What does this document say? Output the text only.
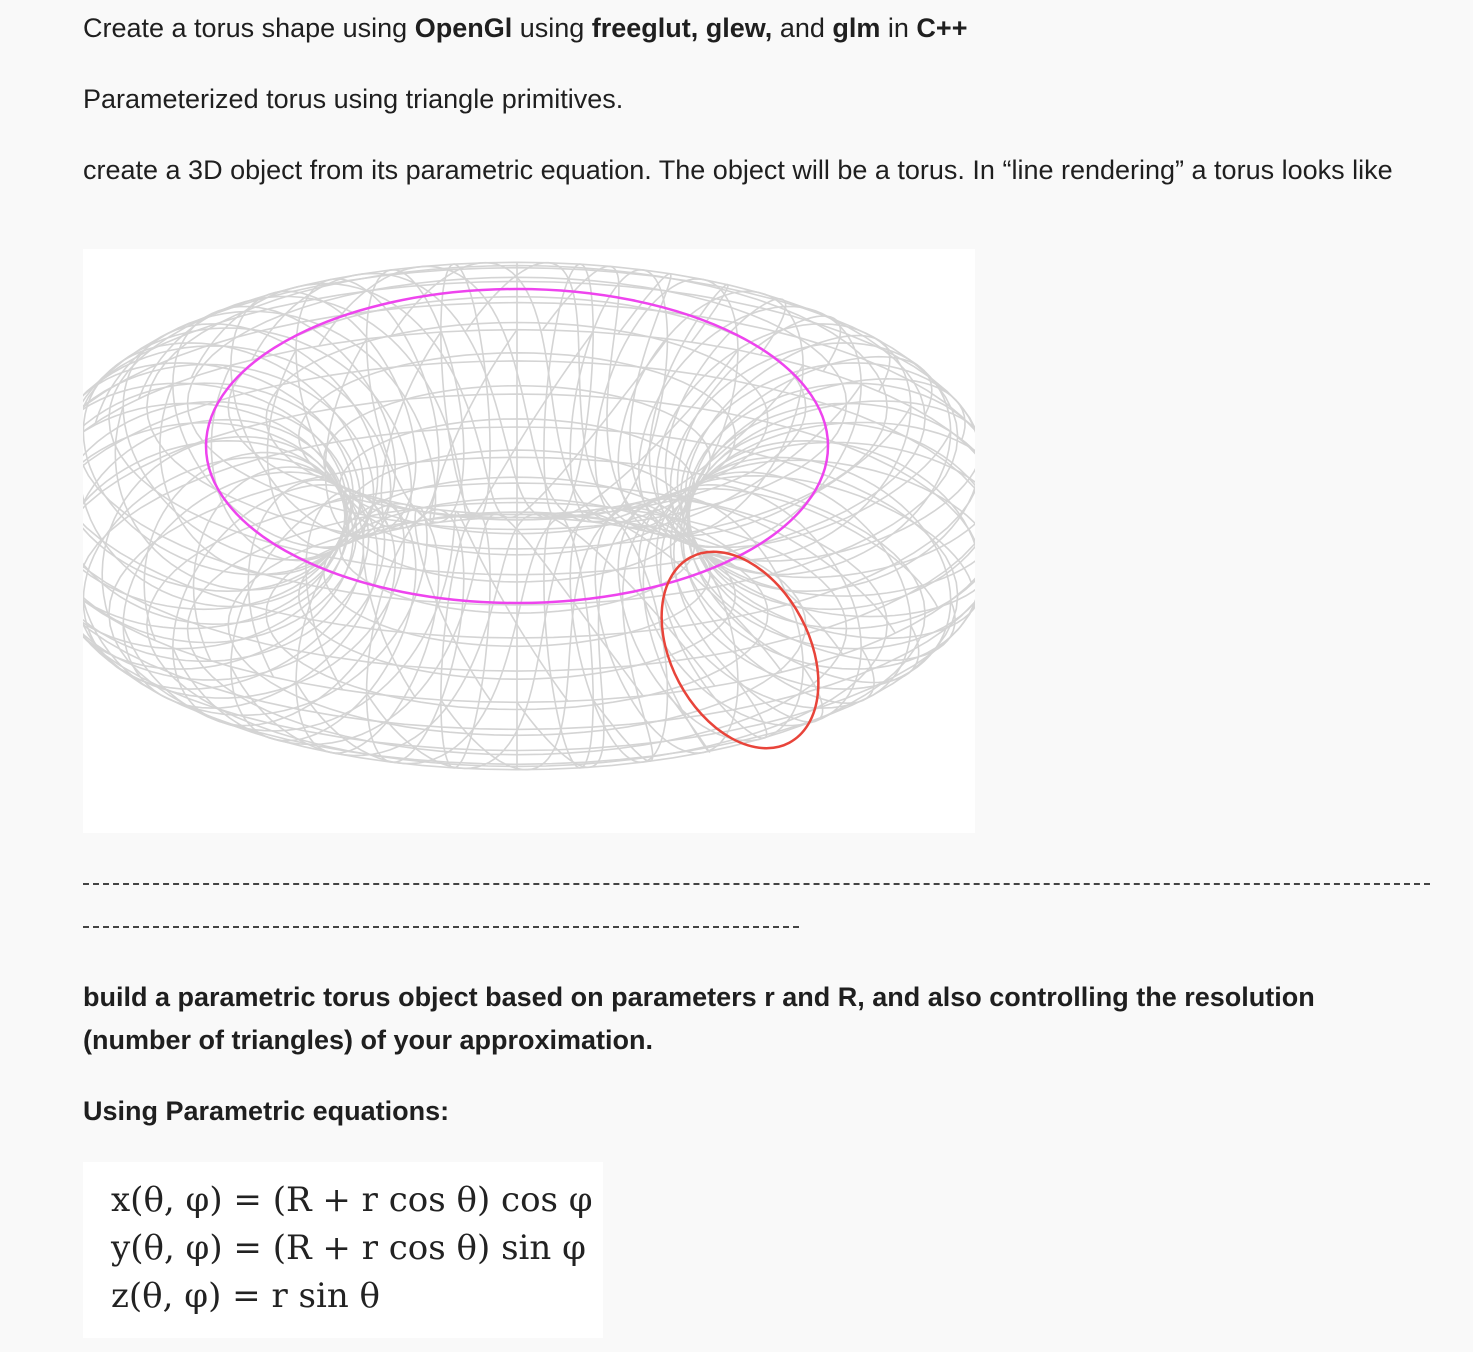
Create a torus shape using OpenGl using freeglut, glew, and glm in C++

Parameterized torus using triangle primitives.

create a 3D object from its parametric equation. The object will be a torus. In “line rendering” a torus looks like

build a parametric torus object based on parameters r and R, and also controlling the resolution (number of triangles) of your approximation.

Using Parametric equations:

x(θ, φ) = (R + r cos θ) cos φ
y(θ, φ) = (R + r cos θ) sin φ
z(θ, φ) = r sin θ
